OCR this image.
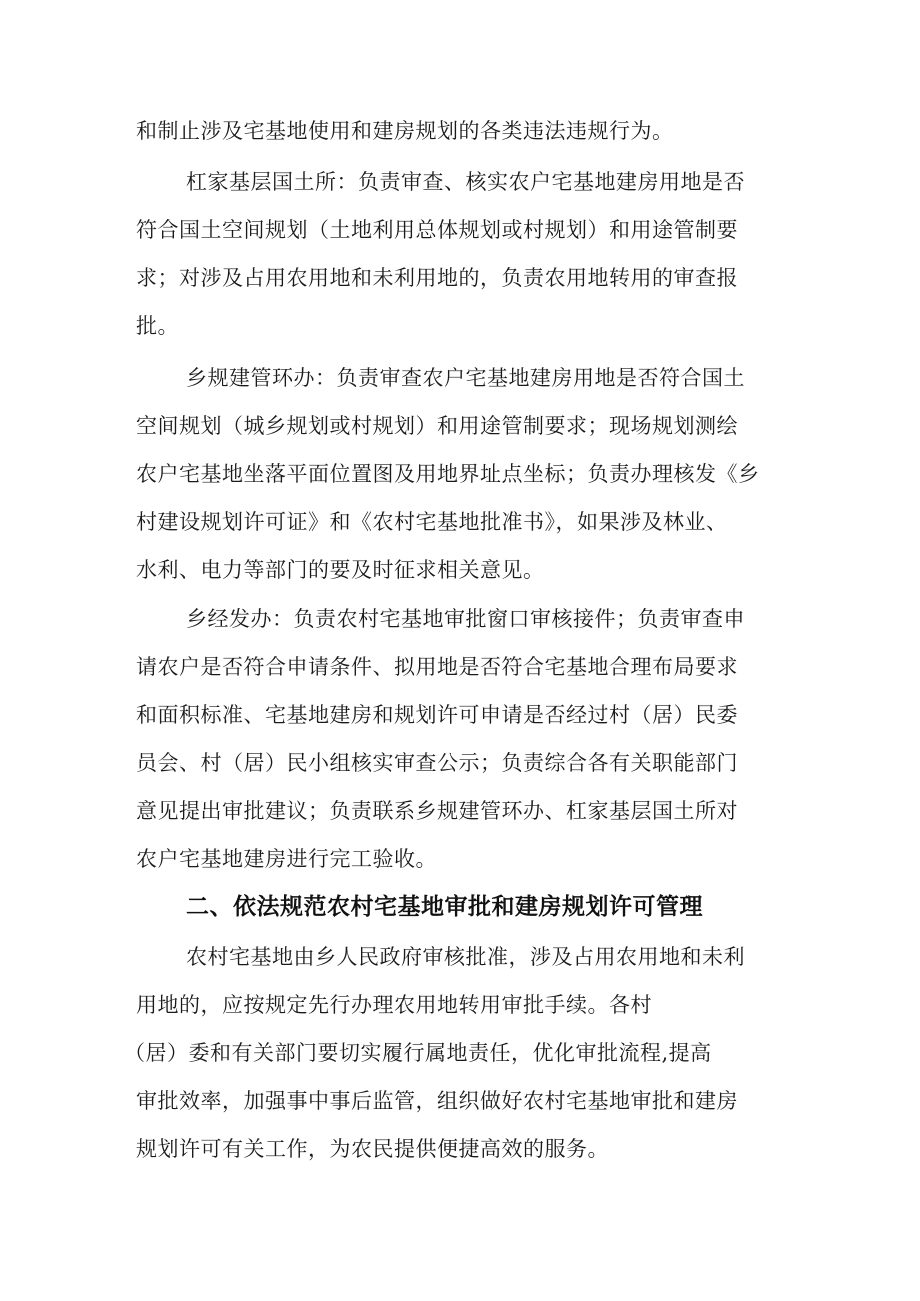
和制止涉及宅基地使用和建房规划的各类违法违规行为。
杠家基层国土所：负责审查、核实农户宅基地建房用地是否
符合国土空间规划（土地利用总体规划或村规划）和用途管制要
求；对涉及占用农用地和未利用地的，负责农用地转用的审查报
批。
乡规建管环办：负责审查农户宅基地建房用地是否符合国土
空间规划（城乡规划或村规划）和用途管制要求；现场规划测绘
农户宅基地坐落平面位置图及用地界址点坐标；负责办理核发《乡
村建设规划许可证》和《农村宅基地批准书》，如果涉及林业、
水利、电力等部门的要及时征求相关意见。
乡经发办：负责农村宅基地审批窗口审核接件；负责审查申
请农户是否符合申请条件、拟用地是否符合宅基地合理布局要求
和面积标准、宅基地建房和规划许可申请是否经过村（居）民委
员会、村（居）民小组核实审查公示；负责综合各有关职能部门
意见提出审批建议；负责联系乡规建管环办、杠家基层国土所对
农户宅基地建房进行完工验收。
二、依法规范农村宅基地审批和建房规划许可管理
农村宅基地由乡人民政府审核批准，涉及占用农用地和未利
用地的，应按规定先行办理农用地转用审批手续。各村
（居）委和有关部门要切实履行属地责任，优化审批流程,提高
审批效率，加强事中事后监管，组织做好农村宅基地审批和建房
规划许可有关工作，为农民提供便捷高效的服务。
